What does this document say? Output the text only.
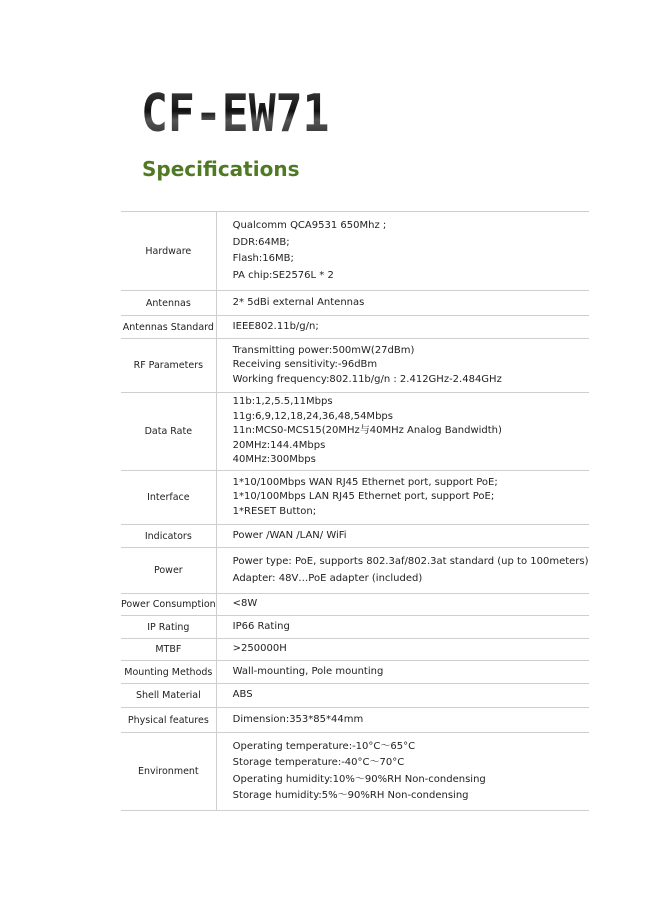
CF-EW71
Specifications
Hardware	Qualcomm QCA9531 650Mhz ;
DDR:64MB;
Flash:16MB;
PA chip:SE2576L * 2

Antennas	2* 5dBi external Antennas

Antennas Standard	IEEE802.11b/g/n;

RF Parameters	Transmitting power:500mW(27dBm)
Receiving sensitivity:-96dBm
Working frequency:802.11b/g/n : 2.412GHz-2.484GHz

Data Rate	11b:1,2,5.5,11Mbps
11g:6,9,12,18,24,36,48,54Mbps
11n:MCS0-MCS15(20MHz与40MHz Analog Bandwidth)
20MHz:144.4Mbps
40MHz:300Mbps

Interface	1*10/100Mbps WAN RJ45 Ethernet port, support PoE;
1*10/100Mbps LAN RJ45 Ethernet port, support PoE;
1*RESET Button;

Indicators	Power /WAN /LAN/ WiFi

Power	Power type: PoE, supports 802.3af/802.3at standard (up to 100meters)
Adapter: 48V…PoE adapter (included)

Power Consumption	<8W

IP Rating	IP66 Rating

MTBF	>250000H

Mounting Methods	Wall-mounting, Pole mounting

Shell Material	ABS

Physical features	Dimension:353*85*44mm

Environment	Operating temperature:-10°C～65°C
Storage temperature:-40°C～70°C
Operating humidity:10%～90%RH Non-condensing
Storage humidity:5%～90%RH Non-condensing
